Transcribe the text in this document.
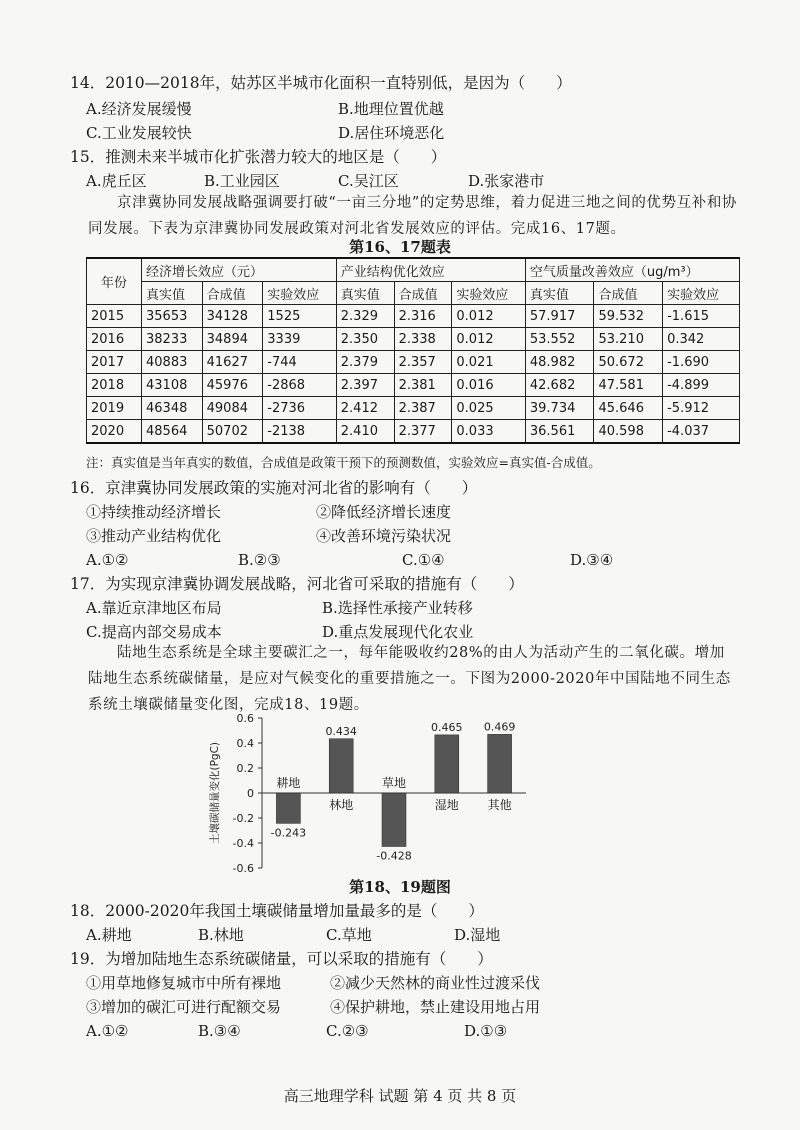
14．2010—2018年，姑苏区半城市化面积一直特别低，是因为（　　）
A.经济发展缓慢	B.地理位置优越
C.工业发展较快	D.居住环境恶化
15．推测未来半城市化扩张潜力较大的地区是（　　）
A.虎丘区	B.工业园区	C.吴江区	D.张家港市
京津冀协同发展战略强调要打破“一亩三分地”的定势思维，着力促进三地之间的优势互补和协同发展。下表为京津冀协同发展政策对河北省发展效应的评估。完成16、17题。
第16、17题表
年份	经济增长效应（元）			产业结构优化效应			空气质量改善效应（ug/m³）		
	真实值	合成值	实验效应	真实值	合成值	实验效应	真实值	合成值	实验效应
2015	35653	34128	1525	2.329	2.316	0.012	57.917	59.532	-1.615
2016	38233	34894	3339	2.350	2.338	0.012	53.552	53.210	0.342
2017	40883	41627	-744	2.379	2.357	0.021	48.982	50.672	-1.690
2018	43108	45976	-2868	2.397	2.381	0.016	42.682	47.581	-4.899
2019	46348	49084	-2736	2.412	2.387	0.025	39.734	45.646	-5.912
2020	48564	50702	-2138	2.410	2.377	0.033	36.561	40.598	-4.037
注：真实值是当年真实的数值，合成值是政策干预下的预测数值，实验效应=真实值-合成值。
16．京津冀协同发展政策的实施对河北省的影响有（　　）
①持续推动经济增长	②降低经济增长速度
③推动产业结构优化	④改善环境污染状况
A.①②	B.②③	C.①④	D.③④
17．为实现京津冀协调发展战略，河北省可采取的措施有（　　）
A.靠近京津地区布局	B.选择性承接产业转移
C.提高内部交易成本	D.重点发展现代化农业
陆地生态系统是全球主要碳汇之一，每年能吸收约28%的由人为活动产生的二氧化碳。增加陆地生态系统碳储量，是应对气候变化的重要措施之一。下图为2000-2020年中国陆地不同生态系统土壤碳储量变化图，完成18、19题。
0.6
0.4
0.2
0
-0.2
-0.4
-0.6
土壤碳储量变化(PgC)	-0.243
耕地
0.434
林地
-0.428
草地
0.465
湿地
0.469
其他
第18、19题图
18．2000-2020年我国土壤碳储量增加量最多的是（　　）
A.耕地	B.林地	C.草地	D.湿地
19．为增加陆地生态系统碳储量，可以采取的措施有（　　）
①用草地修复城市中所有裸地	②减少天然林的商业性过渡采伐
③增加的碳汇可进行配额交易	④保护耕地，禁止建设用地占用
A.①②	B.③④	C.②③	D.①③
高三地理学科 试题 第 4 页 共 8 页
